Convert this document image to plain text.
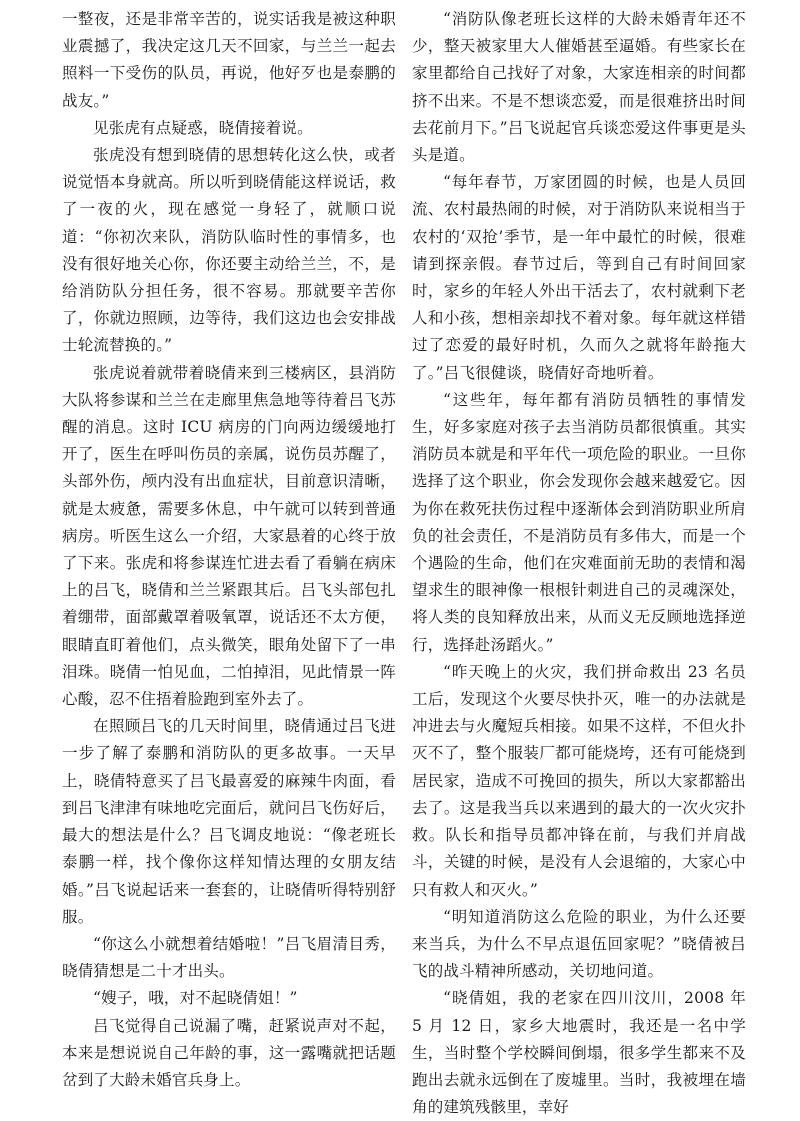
一整夜，还是非常辛苦的，说实话我是被这种职业震撼了，我决定这几天不回家，与兰兰一起去照料一下受伤的队员，再说，他好歹也是泰鹏的战友。”

见张虎有点疑惑，晓倩接着说。

张虎没有想到晓倩的思想转化这么快，或者说觉悟本身就高。所以听到晓倩能这样说话，救了一夜的火，现在感觉一身轻了，就顺口说道：“你初次来队，消防队临时性的事情多，也没有很好地关心你，你还要主动给兰兰，不，是给消防队分担任务，很不容易。那就要辛苦你了，你就边照顾，边等待，我们这边也会安排战士轮流替换的。”

张虎说着就带着晓倩来到三楼病区，县消防大队将参谋和兰兰在走廊里焦急地等待着吕飞苏醒的消息。这时 ICU 病房的门向两边缓缓地打开了，医生在呼叫伤员的亲属，说伤员苏醒了，头部外伤，颅内没有出血症状，目前意识清晰，就是太疲惫，需要多休息，中午就可以转到普通病房。听医生这么一介绍，大家悬着的心终于放了下来。张虎和将参谋连忙进去看了看躺在病床上的吕飞，晓倩和兰兰紧跟其后。吕飞头部包扎着绷带，面部戴罩着吸氧罩，说话还不太方便，眼睛直盯着他们，点头微笑，眼角处留下了一串泪珠。晓倩一怕见血，二怕掉泪，见此情景一阵心酸，忍不住捂着脸跑到室外去了。

在照顾吕飞的几天时间里，晓倩通过吕飞进一步了解了泰鹏和消防队的更多故事。一天早上，晓倩特意买了吕飞最喜爱的麻辣牛肉面，看到吕飞津津有味地吃完面后，就问吕飞伤好后，最大的想法是什么？吕飞调皮地说：“像老班长泰鹏一样，找个像你这样知情达理的女朋友结婚。”吕飞说起话来一套套的，让晓倩听得特别舒服。

“你这么小就想着结婚啦！”吕飞眉清目秀，晓倩猜想是二十才出头。

“嫂子，哦，对不起晓倩姐！”

吕飞觉得自己说漏了嘴，赶紧说声对不起，本来是想说说自己年龄的事，这一露嘴就把话题岔到了大龄未婚官兵身上。

“消防队像老班长这样的大龄未婚青年还不少，整天被家里大人催婚甚至逼婚。有些家长在家里都给自己找好了对象，大家连相亲的时间都挤不出来。不是不想谈恋爱，而是很难挤出时间去花前月下。”吕飞说起官兵谈恋爱这件事更是头头是道。

“每年春节，万家团圆的时候，也是人员回流、农村最热闹的时候，对于消防队来说相当于农村的‘双抢’季节，是一年中最忙的时候，很难请到探亲假。春节过后，等到自己有时间回家时，家乡的年轻人外出干活去了，农村就剩下老人和小孩，想相亲却找不着对象。每年就这样错过了恋爱的最好时机，久而久之就将年龄拖大了。”吕飞很健谈，晓倩好奇地听着。

“这些年，每年都有消防员牺牲的事情发生，好多家庭对孩子去当消防员都很慎重。其实消防员本就是和平年代一项危险的职业。一旦你选择了这个职业，你会发现你会越来越爱它。因为你在救死扶伤过程中逐渐体会到消防职业所肩负的社会责任，不是消防员有多伟大，而是一个个遇险的生命，他们在灾难面前无助的表情和渴望求生的眼神像一根根针刺进自己的灵魂深处，将人类的良知释放出来，从而义无反顾地选择逆行，选择赴汤蹈火。”

“昨天晚上的火灾，我们拼命救出 23 名员工后，发现这个火要尽快扑灭，唯一的办法就是冲进去与火魔短兵相接。如果不这样，不但火扑灭不了，整个服装厂都可能烧垮，还有可能烧到居民家，造成不可挽回的损失，所以大家都豁出去了。这是我当兵以来遇到的最大的一次火灾扑救。队长和指导员都冲锋在前，与我们并肩战斗，关键的时候，是没有人会退缩的，大家心中只有救人和灭火。”

“明知道消防这么危险的职业，为什么还要来当兵，为什么不早点退伍回家呢？”晓倩被吕飞的战斗精神所感动，关切地问道。

“晓倩姐，我的老家在四川汶川，2008 年 5 月 12 日，家乡大地震时，我还是一名中学生，当时整个学校瞬间倒塌，很多学生都来不及跑出去就永远倒在了废墟里。当时，我被埋在墙角的建筑残骸里，幸好
